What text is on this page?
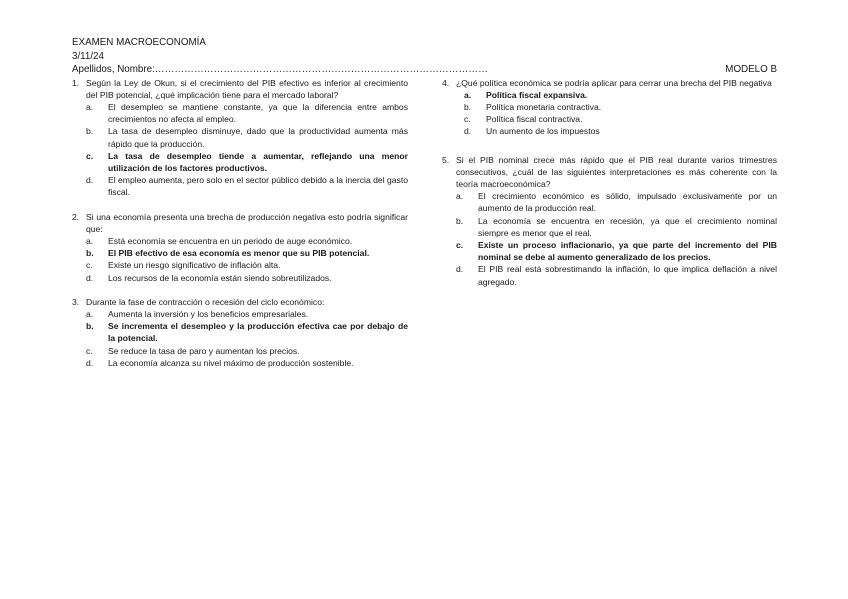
EXAMEN MACROECONOMÍA
3/11/24
Apellidos, Nombre:…………………………………………………………………………………………	MODELO B
1. Según la Ley de Okun, si el crecimiento del PIB efectivo es inferior al crecimiento del PIB potencial, ¿qué implicación tiene para el mercado laboral?
a.	El desempleo se mantiene constante, ya que la diferencia entre ambos crecimientos no afecta al empleo.
b.	La tasa de desempleo disminuye, dado que la productividad aumenta más rápido que la producción.
c.	La tasa de desempleo tiende a aumentar, reflejando una menor utilización de los factores productivos.
d.	El empleo aumenta, pero solo en el sector público debido a la inercia del gasto fiscal.
2. Si una economía presenta una brecha de producción negativa esto podría significar que:
a.	Está economía se encuentra en un periodo de auge económico.
b.	El PIB efectivo de esa economía es menor que su PIB potencial.
c.	Existe un riesgo significativo de inflación alta.
d.	Los recursos de la economía están siendo sobreutilizados.
3. Durante la fase de contracción o recesión del ciclo económico:
a.	Aumenta la inversión y los beneficios empresariales.
b.	Se incrementa el desempleo y la producción efectiva cae por debajo de la potencial.
c.	Se reduce la tasa de paro y aumentan los precios.
d.	La economía alcanza su nivel máximo de producción sostenible.
4. ¿Qué política económica se podría aplicar para cerrar una brecha del PIB negativa
a.	Política fiscal expansiva.
b.	Política monetaria contractiva.
c.	Política fiscal contractiva.
d.	Un aumento de los impuestos
5. Si el PIB nominal crece más rápido que el PIB real durante varios trimestres consecutivos, ¿cuál de las siguientes interpretaciones es más coherente con la teoría macroeconómica?
a.	El crecimiento económico es sólido, impulsado exclusivamente por un aumento de la producción real.
b.	La economía se encuentra en recesión, ya que el crecimiento nominal siempre es menor que el real.
c.	Existe un proceso inflacionario, ya que parte del incremento del PIB nominal se debe al aumento generalizado de los precios.
d.	El PIB real está sobrestimando la inflación, lo que implica deflación a nivel agregado.
